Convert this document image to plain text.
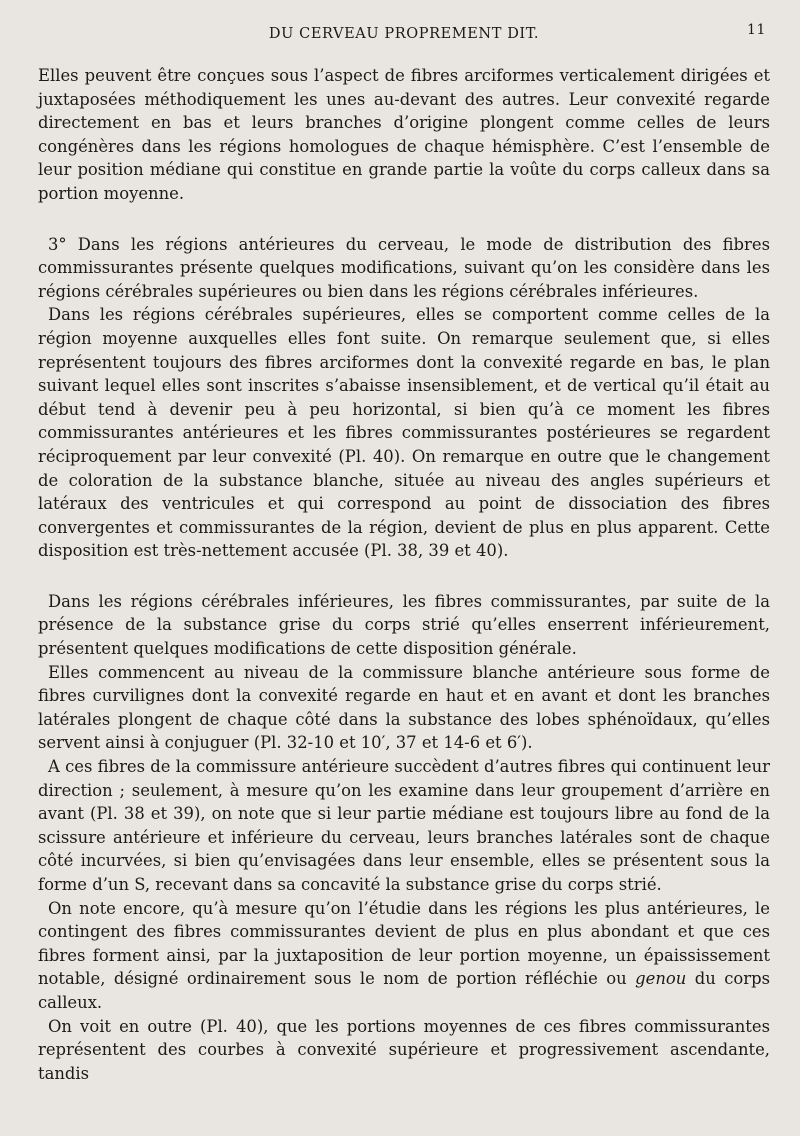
DU CERVEAU PROPREMENT DIT.	11

Elles peuvent être conçues sous l’aspect de fibres arciformes verticalement dirigées et juxtaposées méthodiquement les unes au-devant des autres. Leur convexité regarde directement en bas et leurs branches d’origine plongent comme celles de leurs congénères dans les régions homologues de chaque hémisphère. C’est l’ensemble de leur position médiane qui constitue en grande partie la voûte du corps calleux dans sa portion moyenne.

3° Dans les régions antérieures du cerveau, le mode de distribution des fibres commissurantes présente quelques modifications, suivant qu’on les considère dans les régions cérébrales supérieures ou bien dans les régions cérébrales inférieures.

Dans les régions cérébrales supérieures, elles se comportent comme celles de la région moyenne auxquelles elles font suite. On remarque seulement que, si elles représentent toujours des fibres arciformes dont la convexité regarde en bas, le plan suivant lequel elles sont inscrites s’abaisse insensiblement, et de vertical qu’il était au début tend à devenir peu à peu horizontal, si bien qu’à ce moment les fibres commissurantes antérieures et les fibres commissurantes postérieures se regardent réciproquement par leur convexité (Pl. 40). On remarque en outre que le changement de coloration de la substance blanche, située au niveau des angles supérieurs et latéraux des ventricules et qui correspond au point de dissociation des fibres convergentes et commissurantes de la région, devient de plus en plus apparent. Cette disposition est très-nettement accusée (Pl. 38, 39 et 40).

Dans les régions cérébrales inférieures, les fibres commissurantes, par suite de la présence de la substance grise du corps strié qu’elles enserrent inférieurement, présentent quelques modifications de cette disposition générale.

Elles commencent au niveau de la commissure blanche antérieure sous forme de fibres curvilignes dont la convexité regarde en haut et en avant et dont les branches latérales plongent de chaque côté dans la substance des lobes sphénoïdaux, qu’elles servent ainsi à conjuguer (Pl. 32-10 et 10′, 37 et 14-6 et 6′).

A ces fibres de la commissure antérieure succèdent d’autres fibres qui continuent leur direction ; seulement, à mesure qu’on les examine dans leur groupement d’arrière en avant (Pl. 38 et 39), on note que si leur partie médiane est toujours libre au fond de la scissure antérieure et inférieure du cerveau, leurs branches latérales sont de chaque côté incurvées, si bien qu’envisagées dans leur ensemble, elles se présentent sous la forme d’un S, recevant dans sa concavité la substance grise du corps strié.

On note encore, qu’à mesure qu’on l’étudie dans les régions les plus antérieures, le contingent des fibres commissurantes devient de plus en plus abondant et que ces fibres forment ainsi, par la juxtaposition de leur portion moyenne, un épaississement notable, désigné ordinairement sous le nom de portion réfléchie ou genou du corps calleux.

On voit en outre (Pl. 40), que les portions moyennes de ces fibres commissurantes représentent des courbes à convexité supérieure et progressivement ascendante, tandis
